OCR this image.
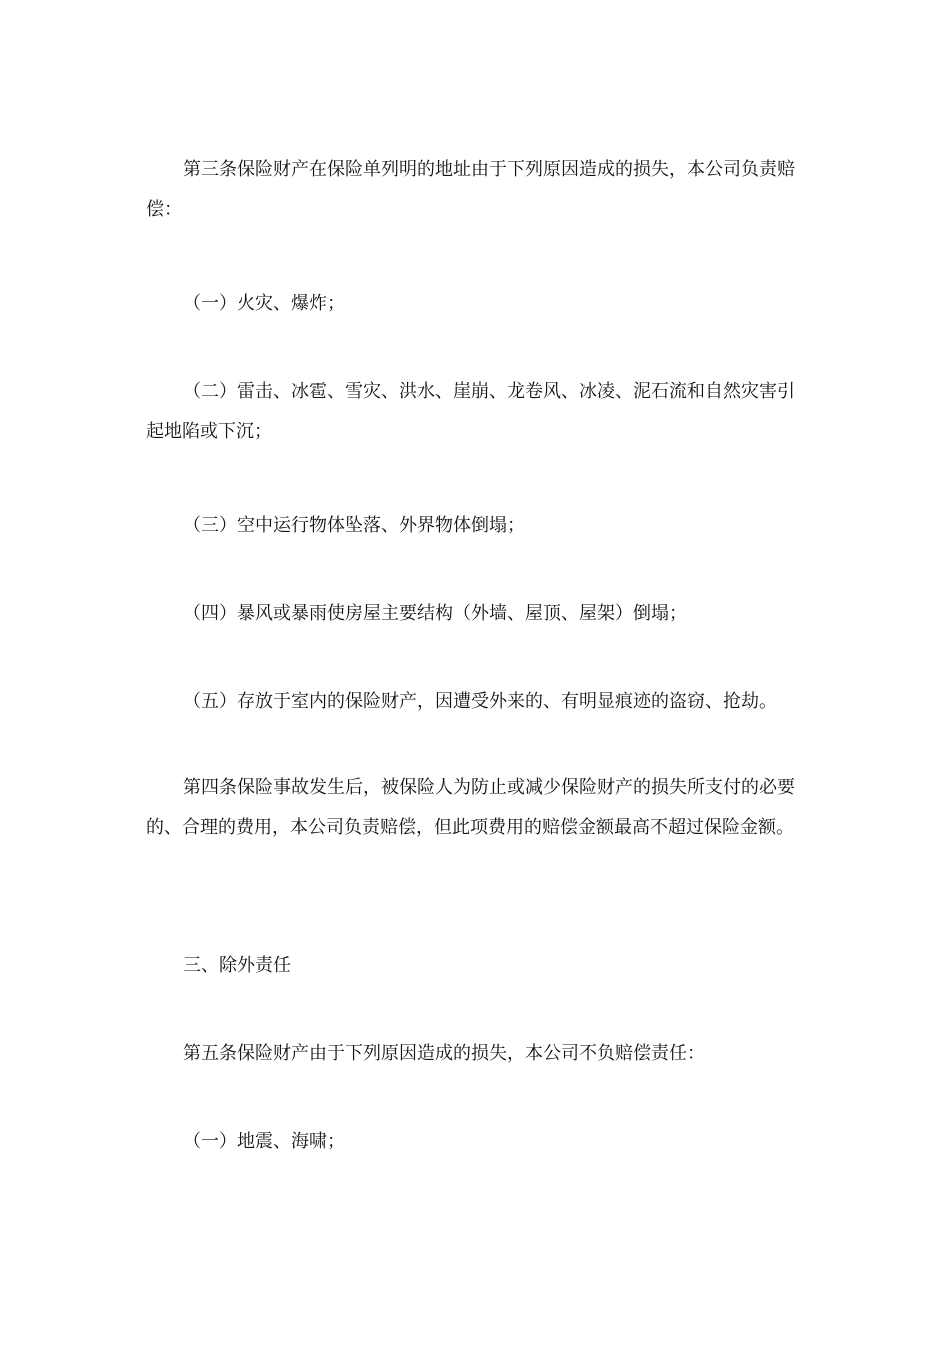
第三条保险财产在保险单列明的地址由于下列原因造成的损失，本公司负责赔偿：

（一）火灾、爆炸；

（二）雷击、冰雹、雪灾、洪水、崖崩、龙卷风、冰凌、泥石流和自然灾害引起地陷或下沉；

（三）空中运行物体坠落、外界物体倒塌；

（四）暴风或暴雨使房屋主要结构（外墙、屋顶、屋架）倒塌；

（五）存放于室内的保险财产，因遭受外来的、有明显痕迹的盗窃、抢劫。

第四条保险事故发生后，被保险人为防止或减少保险财产的损失所支付的必要的、合理的费用，本公司负责赔偿，但此项费用的赔偿金额最高不超过保险金额。

三、除外责任

第五条保险财产由于下列原因造成的损失，本公司不负赔偿责任：

（一）地震、海啸；
